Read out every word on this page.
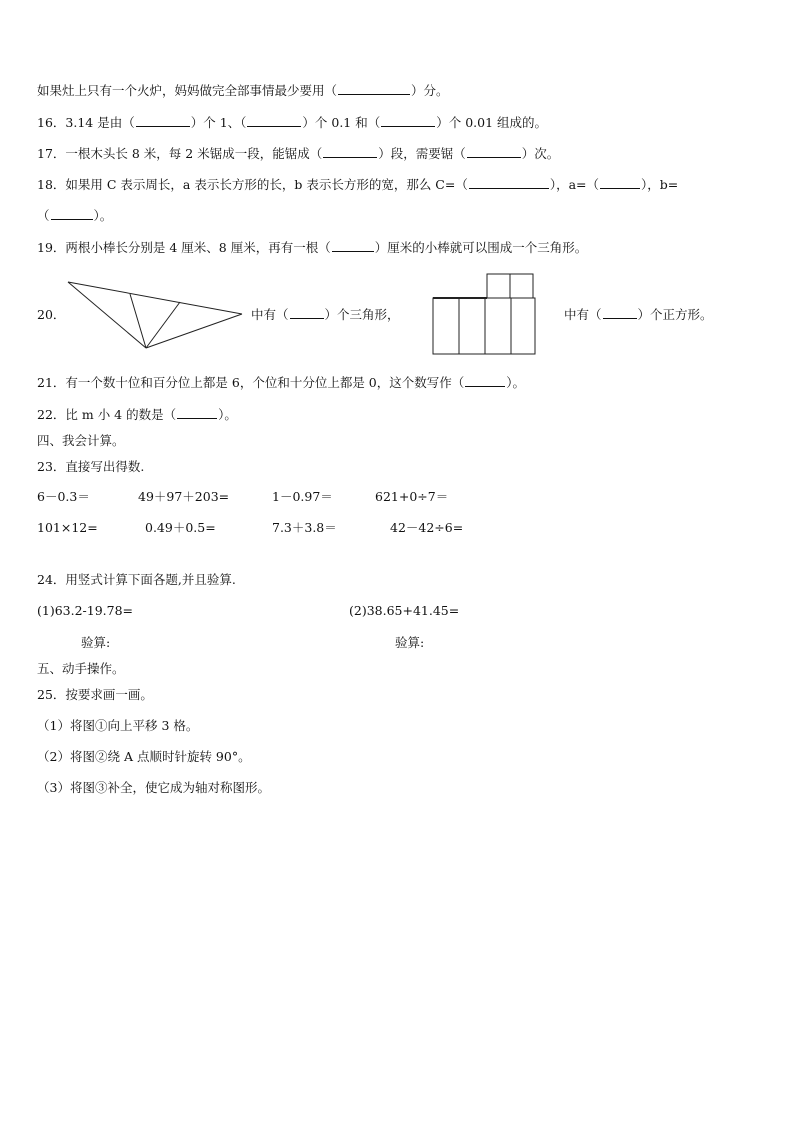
如果灶上只有一个火炉，妈妈做完全部事情最少要用（	）分。
16．3.14 是由（	）个 1、（	）个 0.1 和（	）个 0.01 组成的。
17．一根木头长 8 米，每 2 米锯成一段，能锯成（	）段，需要锯（	）次。
18．如果用 C 表示周长，a 表示长方形的长，b 表示长方形的宽，那么 C=（	），a=（	），b=
（	）。
19．两根小棒长分别是 4 厘米、8 厘米，再有一根（	）厘米的小棒就可以围成一个三角形。
20．	中有（	）个三角形，	中有（	）个正方形。
21．有一个数十位和百分位上都是 6，个位和十分位上都是 0，这个数写作（	）。
22．比 m 小 4 的数是（	）。
四、我会计算。
23．直接写出得数.
6－0.3＝	49＋97＋203=	1－0.97＝	621+0÷7＝
101×12=	0.49＋0.5=	7.3＋3.8＝	42－42÷6=
24．用竖式计算下面各题,并且验算.
(1)63.2-19.78=	(2)38.65+41.45=
验算:	验算:
五、动手操作。
25．按要求画一画。
（1）将图①向上平移 3 格。
（2）将图②绕 A 点顺时针旋转 90°。
（3）将图③补全，使它成为轴对称图形。
